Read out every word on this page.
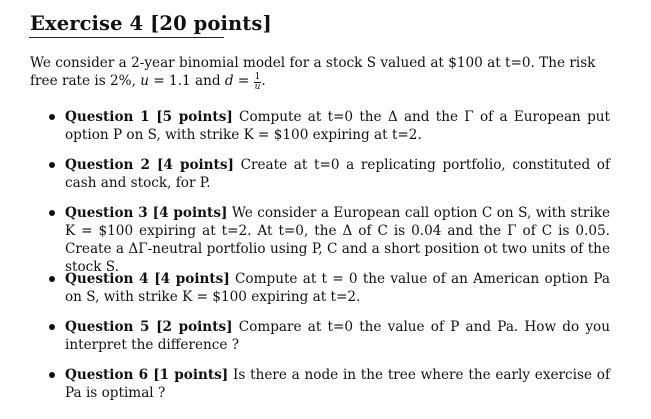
Exercise 4 [20 points]

We consider a 2-year binomial model for a stock S valued at $100 at t=0. The risk free rate is 2%, u = 1.1 and $d = \frac{1}{u}$ .

Question 1 [5 points] Compute at t=0 the Δ and the Γ of a European put option P on S, with strike K = $100 expiring at t=2.
Question 2 [4 points] Create at t=0 a replicating portfolio, constituted of cash and stock, for P.
Question 3 [4 points] We consider a European call option C on S, with strike K = $100 expiring at t=2. At t=0, the Δ of C is 0.04 and the Γ of C is 0.05. Create a ΔΓ-neutral portfolio using P, C and a short position ot two units of the stock S.
Question 4 [4 points] Compute at t = 0 the value of an American option Pa on S, with strike K = $100 expiring at t=2.
Question 5 [2 points] Compare at t=0 the value of P and Pa. How do you interpret the difference ?
Question 6 [1 points] Is there a node in the tree where the early exercise of Pa is optimal ?
